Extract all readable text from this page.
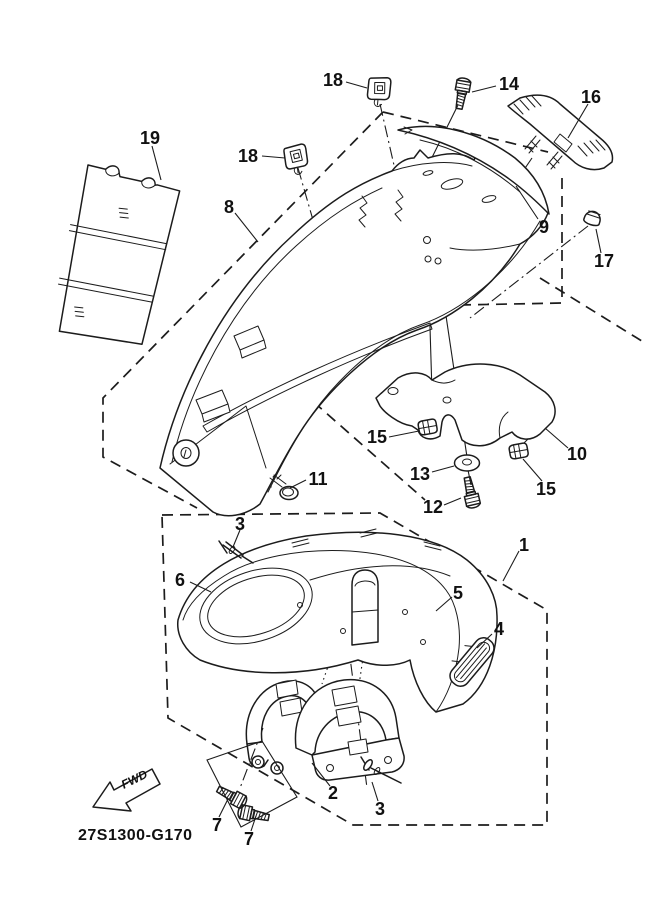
19
18
8
18	14
16
9
17
10
15
13
15
12
11
3
1
6
5
4
2
3
7
7
FWD
27S1300-G170
